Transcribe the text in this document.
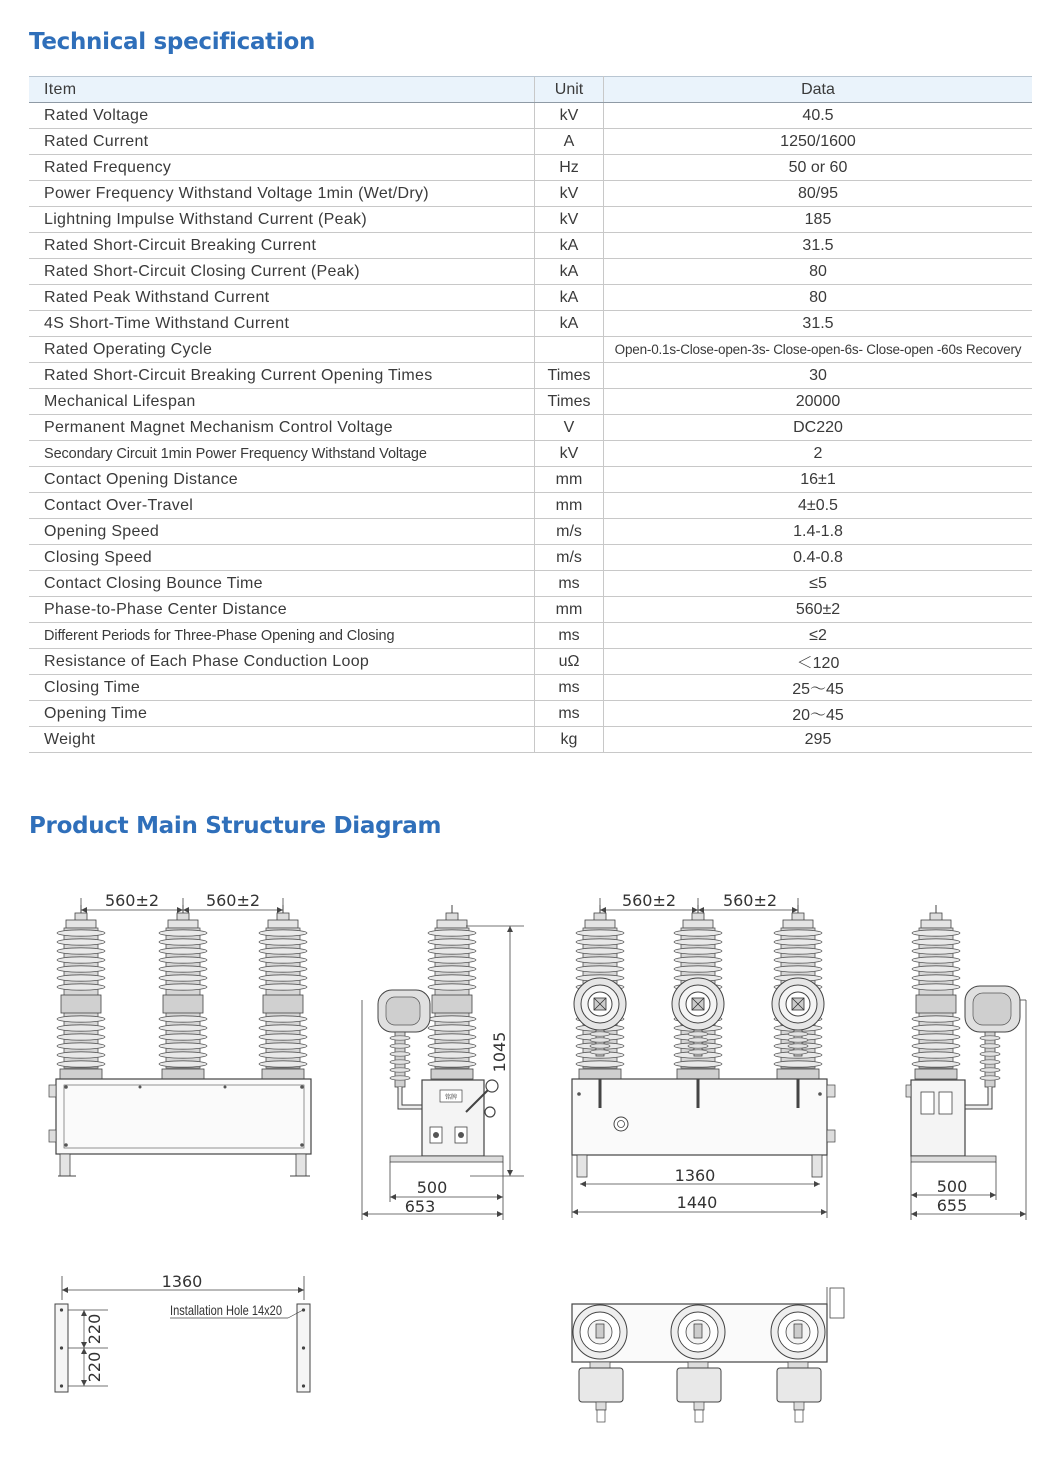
Technical specification
Item	Unit	Data
Rated Voltage	kV	40.5
Rated Current	A	1250/1600
Rated Frequency	Hz	50 or 60
Power Frequency Withstand Voltage 1min (Wet/Dry)	kV	80/95
Lightning Impulse Withstand Current (Peak)	kV	185
Rated Short-Circuit Breaking Current	kA	31.5
Rated Short-Circuit Closing Current (Peak)	kA	80
Rated Peak Withstand Current	kA	80
4S Short-Time Withstand Current	kA	31.5
Rated Operating Cycle		Open-0.1s-Close-open-3s- Close-open-6s- Close-open -60s Recovery
Rated Short-Circuit Breaking Current Opening Times	Times	30
Mechanical Lifespan	Times	20000
Permanent Magnet Mechanism Control Voltage	V	DC220
Secondary Circuit 1min Power Frequency Withstand Voltage	kV	2
Contact Opening Distance	mm	16±1
Contact Over-Travel	mm	4±0.5
Opening Speed	m/s	1.4-1.8
Closing Speed	m/s	0.4-0.8
Contact Closing Bounce Time	ms	≤5
Phase-to-Phase Center Distance	mm	560±2
Different Periods for Three-Phase Opening and Closing	ms	≤2
Resistance of Each Phase Conduction Loop	uΩ	＜120
Closing Time	ms	25～45
Opening Time	ms	20～45
Weight	kg	295
Product Main Structure Diagram
560±2	560±2
铭牌
1045
500
653
560±2	560±2
1360
1440
500
655
1360
220
220
Installation Hole 14x20
